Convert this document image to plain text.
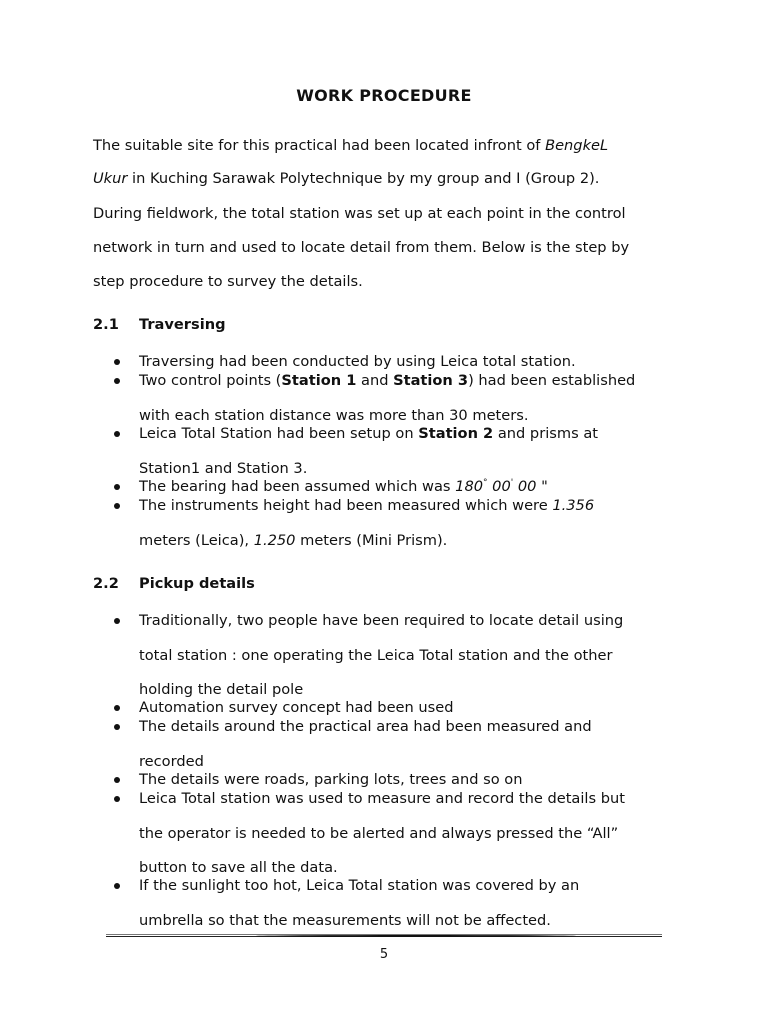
WORK PROCEDURE
The suitable site for this practical had been located infront of BengkeL
Ukur in Kuching Sarawak Polytechnique by my group and I (Group 2).
During fieldwork, the total station was set up at each point in the control
network in turn and used to locate detail from them. Below is the step by
step procedure to survey the details.
2.1 Traversing
Traversing had been conducted by using Leica total station.
Two control points (Station 1 and Station 3) had been established
with each station distance was more than 30 meters.
Leica Total Station had been setup on Station 2 and prisms at
Station1 and Station 3.
The bearing had been assumed which was 180° 00' 00 "
The instruments height had been measured which were 1.356
meters (Leica), 1.250 meters (Mini Prism).
2.2 Pickup details
Traditionally, two people have been required to locate detail using
total station : one operating the Leica Total station and the other
holding the detail pole
Automation survey concept had been used
The details around the practical area had been measured and
recorded
The details were roads, parking lots, trees and so on
Leica Total station was used to measure and record the details but
the operator is needed to be alerted and always pressed the “All”
button to save all the data.
If the sunlight too hot, Leica Total station was covered by an
umbrella so that the measurements will not be affected.
5
